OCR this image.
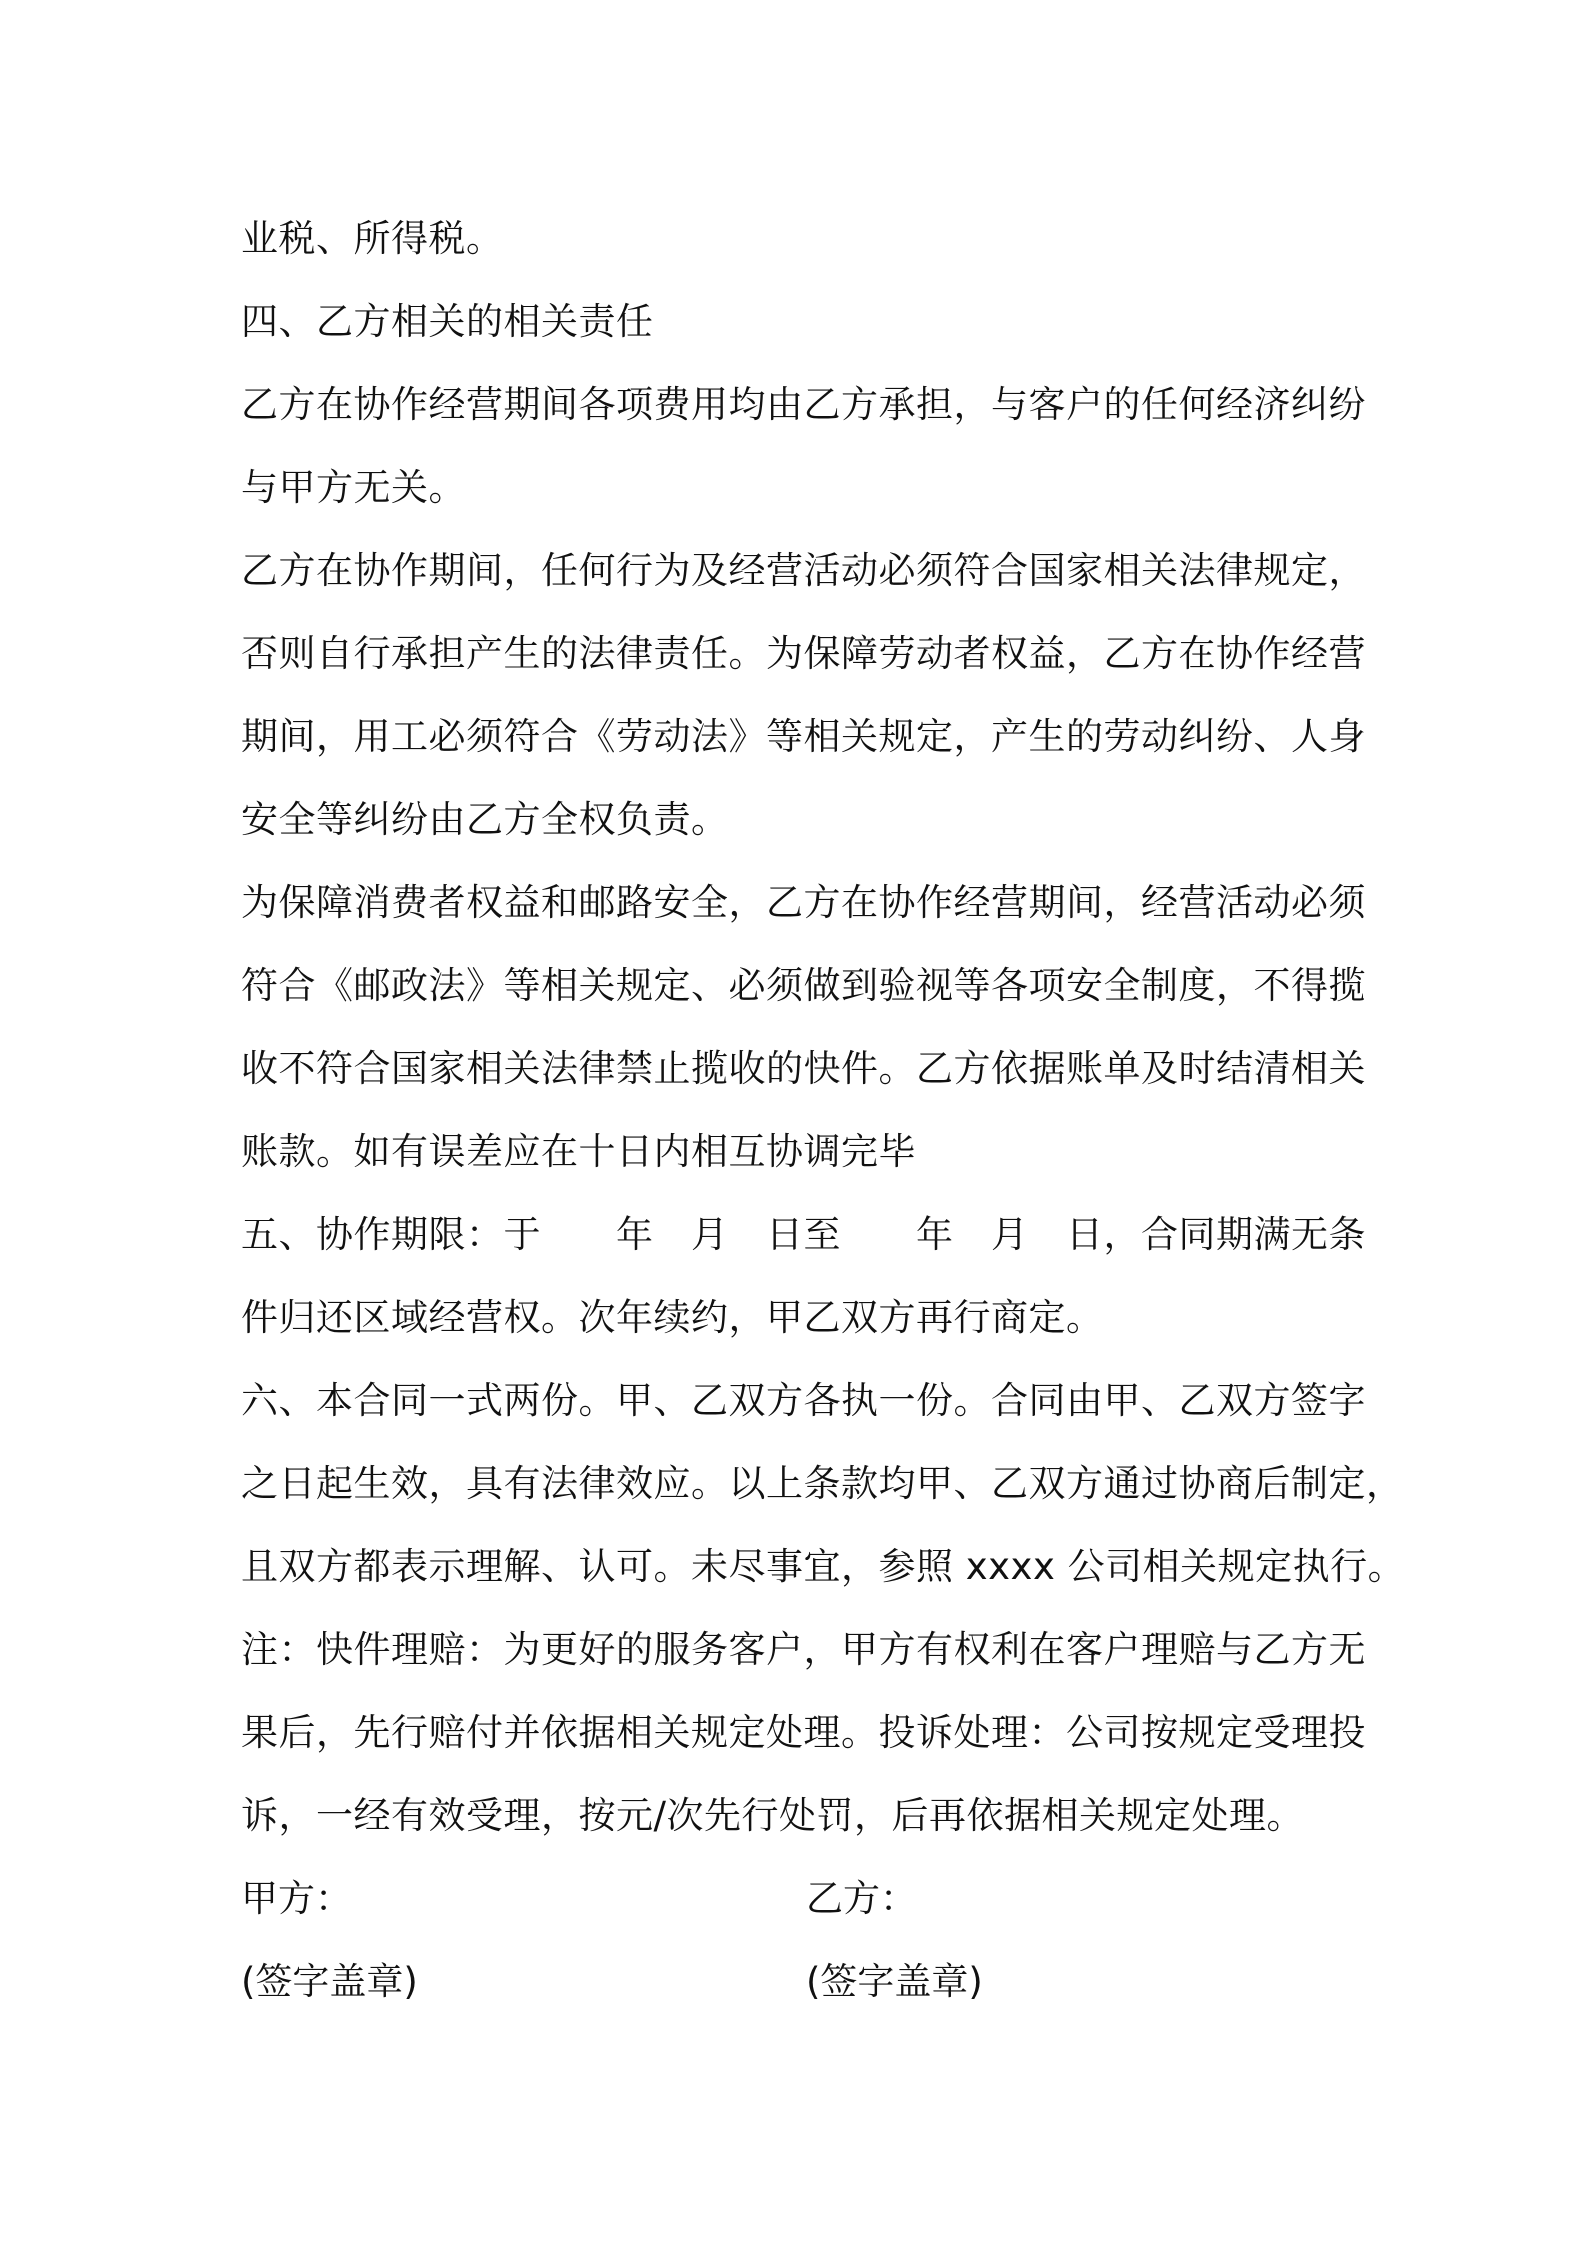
业税、所得税。
四、乙方相关的相关责任
乙方在协作经营期间各项费用均由乙方承担，与客户的任何经济纠纷
与甲方无关。
乙方在协作期间，任何行为及经营活动必须符合国家相关法律规定，
否则自行承担产生的法律责任。为保障劳动者权益，乙方在协作经营
期间，用工必须符合《劳动法》等相关规定，产生的劳动纠纷、人身
安全等纠纷由乙方全权负责。
为保障消费者权益和邮路安全，乙方在协作经营期间，经营活动必须
符合《邮政法》等相关规定、必须做到验视等各项安全制度，不得揽
收不符合国家相关法律禁止揽收的快件。乙方依据账单及时结清相关
账款。如有误差应在十日内相互协调完毕
五、协作期限：于　　年　月　日至　　年　月　日，合同期满无条
件归还区域经营权。次年续约，甲乙双方再行商定。
六、本合同一式两份。甲、乙双方各执一份。合同由甲、乙双方签字
之日起生效，具有法律效应。以上条款均甲、乙双方通过协商后制定，
且双方都表示理解、认可。未尽事宜，参照 xxxx 公司相关规定执行。
注：快件理赔：为更好的服务客户，甲方有权利在客户理赔与乙方无
果后，先行赔付并依据相关规定处理。投诉处理：公司按规定受理投
诉，一经有效受理，按元/次先行处罚，后再依据相关规定处理。
甲方：	乙方：
(签字盖章)	(签字盖章)
